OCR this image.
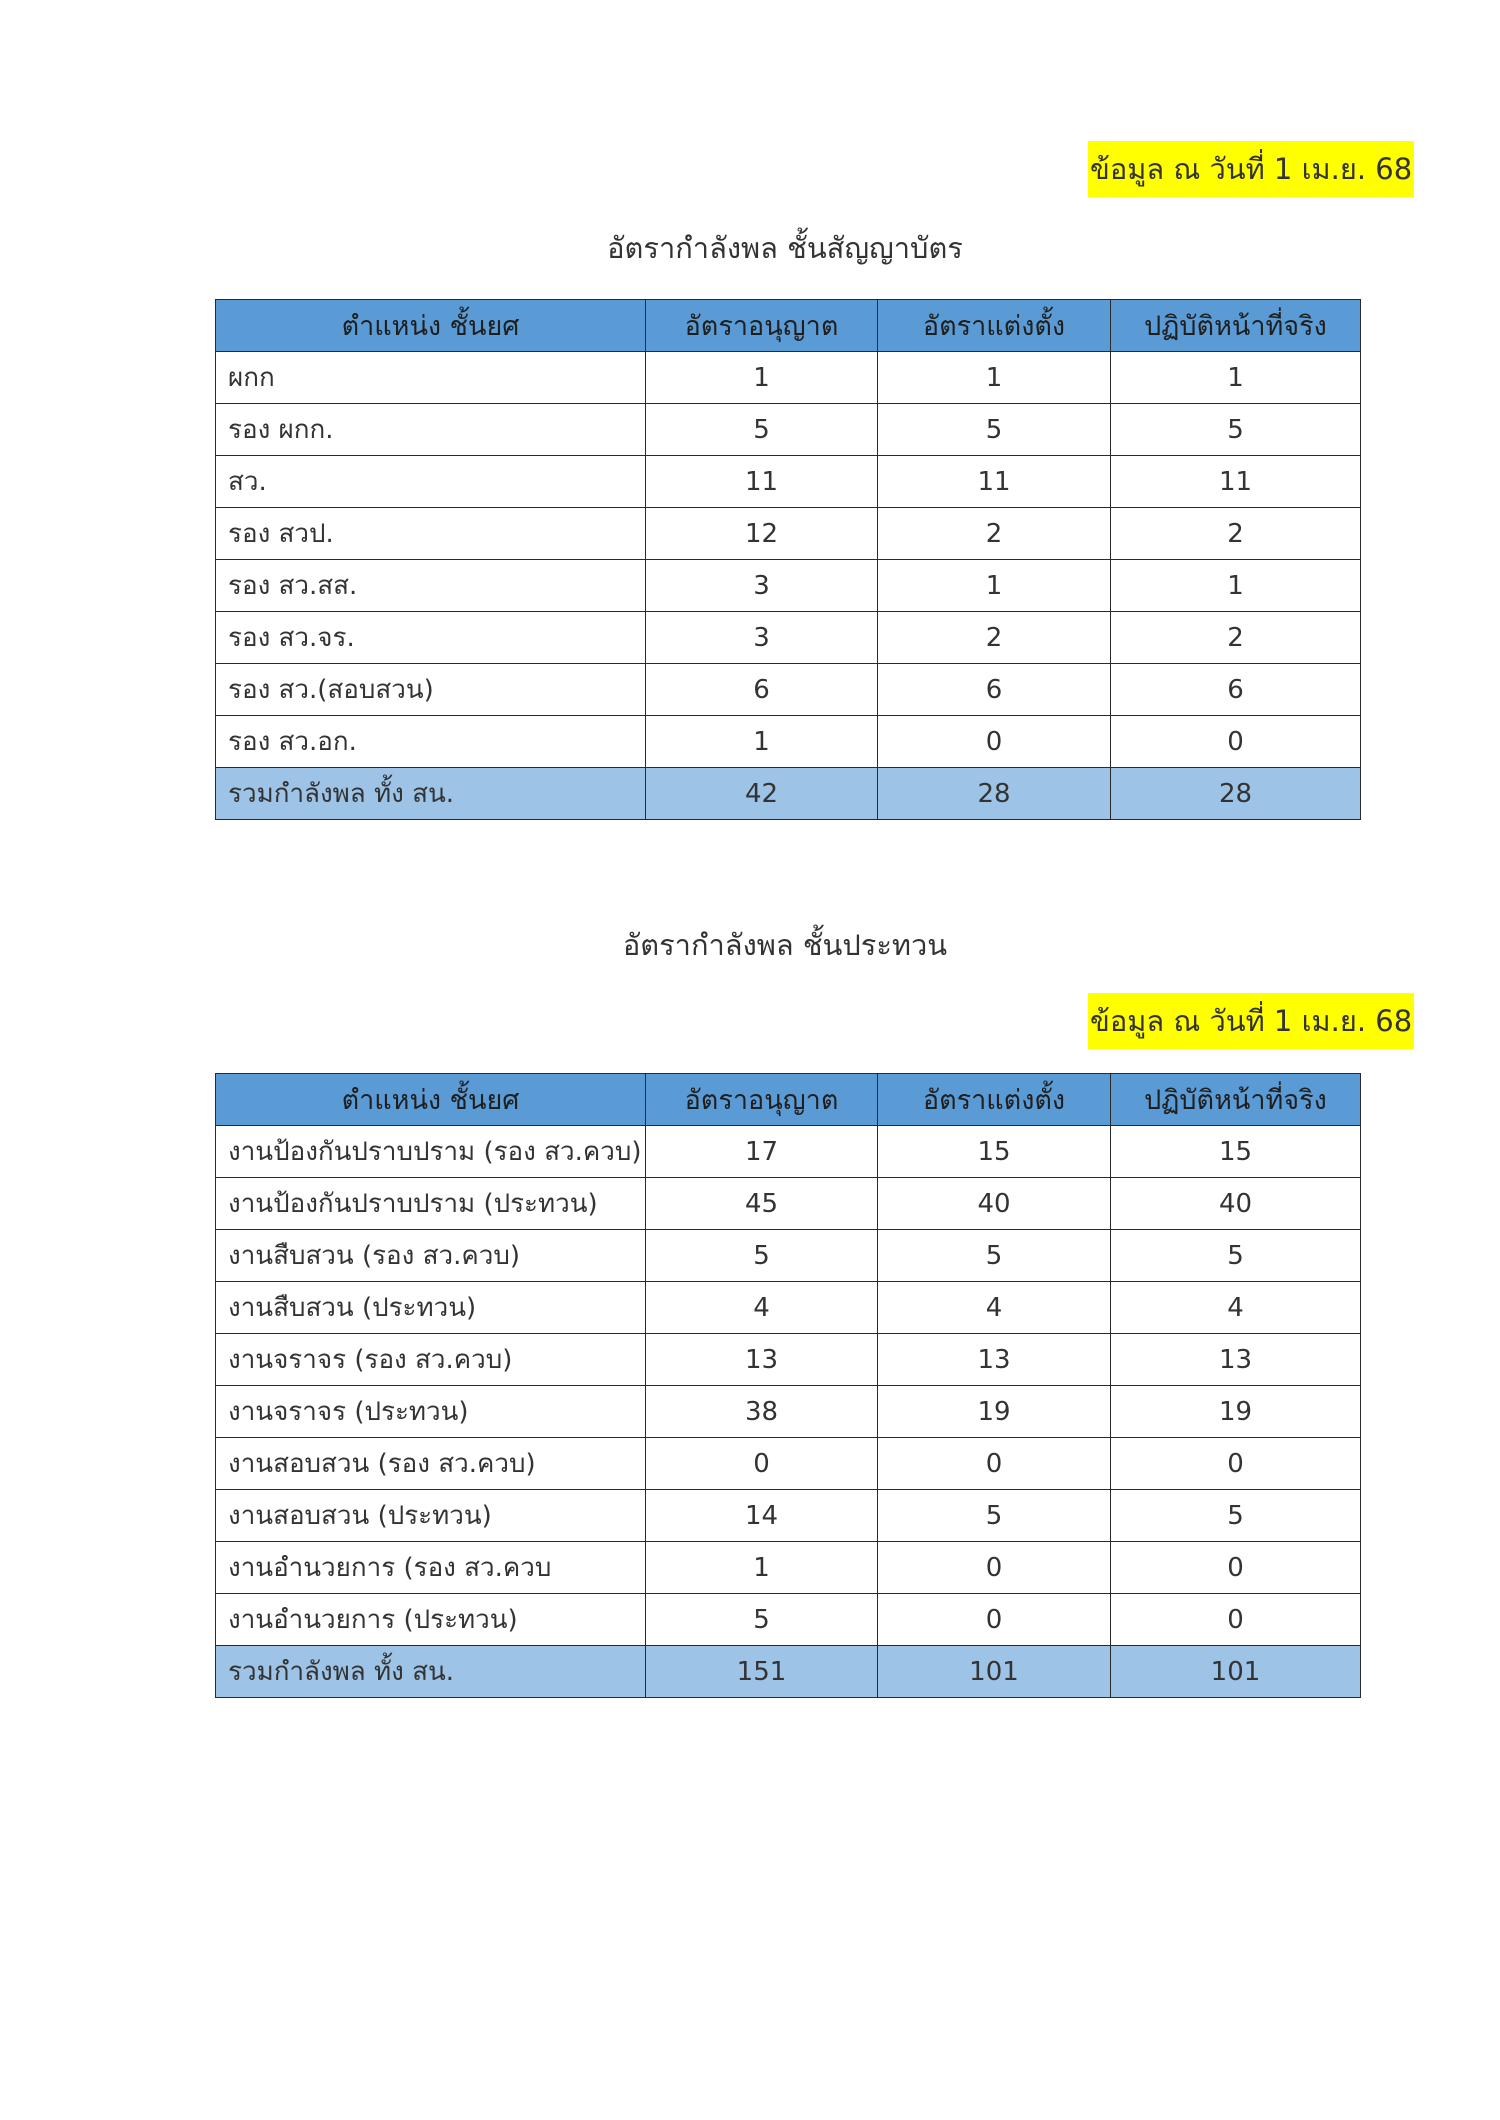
ข้อมูล ณ วันที่ 1 เม.ย. 68
อัตรากำลังพล ชั้นสัญญาบัตร
ตำแหน่ง ชั้นยศ	อัตราอนุญาต	อัตราแต่งตั้ง	ปฏิบัติหน้าที่จริง
ผกก	1	1	1
รอง ผกก.	5	5	5
สว.	11	11	11
รอง สวป.	12	2	2
รอง สว.สส.	3	1	1
รอง สว.จร.	3	2	2
รอง สว.(สอบสวน)	6	6	6
รอง สว.อก.	1	0	0
รวมกำลังพล ทั้ง สน.	42	28	28
อัตรากำลังพล ชั้นประทวน
ข้อมูล ณ วันที่ 1 เม.ย. 68
ตำแหน่ง ชั้นยศ	อัตราอนุญาต	อัตราแต่งตั้ง	ปฏิบัติหน้าที่จริง
งานป้องกันปราบปราม (รอง สว.ควบ)	17	15	15
งานป้องกันปราบปราม (ประทวน)	45	40	40
งานสืบสวน (รอง สว.ควบ)	5	5	5
งานสืบสวน (ประทวน)	4	4	4
งานจราจร (รอง สว.ควบ)	13	13	13
งานจราจร (ประทวน)	38	19	19
งานสอบสวน (รอง สว.ควบ)	0	0	0
งานสอบสวน (ประทวน)	14	5	5
งานอำนวยการ (รอง สว.ควบ	1	0	0
งานอำนวยการ (ประทวน)	5	0	0
รวมกำลังพล ทั้ง สน.	151	101	101
